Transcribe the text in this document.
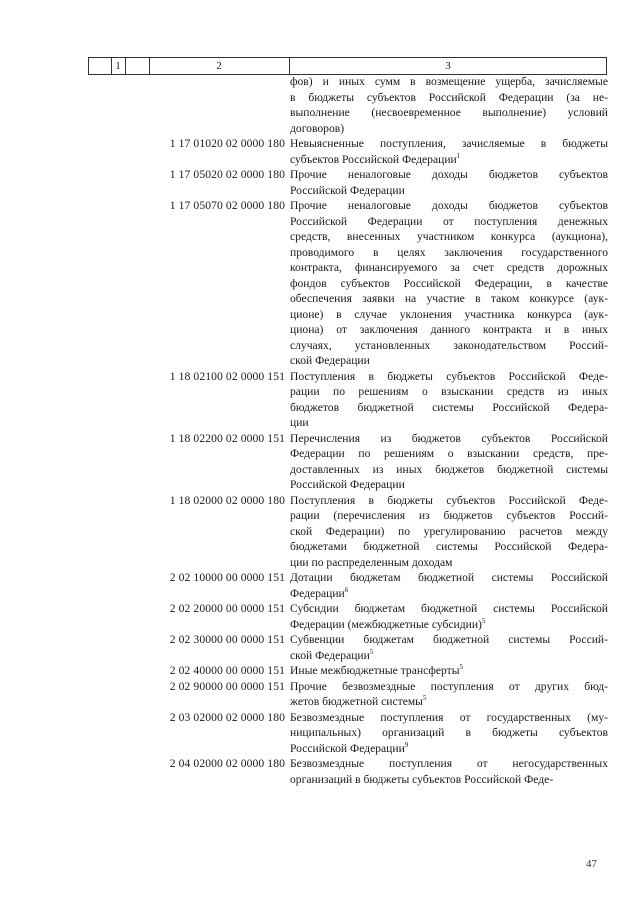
1	2	3
фов) и иных сумм в возмещение ущерба, зачисляемые
в бюджеты субъектов Российской Федерации (за не-
выполнение (несвоевременное выполнение) условий
договоров)
1 17 01020 02 0000 180 Невыясненные поступления, зачисляемые в бюджеты
субъектов Российской Федерации$^1$
1 17 05020 02 0000 180 Прочие неналоговые доходы бюджетов субъектов
Российской Федерации
1 17 05070 02 0000 180 Прочие неналоговые доходы бюджетов субъектов
Российской Федерации от поступления денежных
средств, внесенных участником конкурса (аукциона),
проводимого в целях заключения государственного
контракта, финансируемого за счет средств дорожных
фондов субъектов Российской Федерации, в качестве
обеспечения заявки на участие в таком конкурсе (аук-
ционе) в случае уклонения участника конкурса (аук-
циона) от заключения данного контракта и в иных
случаях, установленных законодательством Россий-
ской Федерации
1 18 02100 02 0000 151 Поступления в бюджеты субъектов Российской Феде-
рации по решениям о взыскании средств из иных
бюджетов бюджетной системы Российской Федера-
ции
1 18 02200 02 0000 151 Перечисления из бюджетов субъектов Российской
Федерации по решениям о взыскании средств, пре-
доставленных из иных бюджетов бюджетной системы
Российской Федерации
1 18 02000 02 0000 180 Поступления в бюджеты субъектов Российской Феде-
рации (перечисления из бюджетов субъектов Россий-
ской Федерации) по урегулированию расчетов между
бюджетами бюджетной системы Российской Федера-
ции по распределенным доходам
2 02 10000 00 0000 151 Дотации бюджетам бюджетной системы Российской
Федерации$^6$
2 02 20000 00 0000 151 Субсидии бюджетам бюджетной системы Российской
Федерации (межбюджетные субсидии)$^5$
2 02 30000 00 0000 151 Субвенции бюджетам бюджетной системы Россий-
ской Федерации$^5$
2 02 40000 00 0000 151 Иные межбюджетные трансферты$^5$
2 02 90000 00 0000 151 Прочие безвозмездные поступления от других бюд-
жетов бюджетной системы$^5$
2 03 02000 02 0000 180 Безвозмездные поступления от государственных (му-
ниципальных) организаций в бюджеты субъектов
Российской Федерации$^9$
2 04 02000 02 0000 180 Безвозмездные поступления от негосударственных
организаций в бюджеты субъектов Российской Феде-
47
